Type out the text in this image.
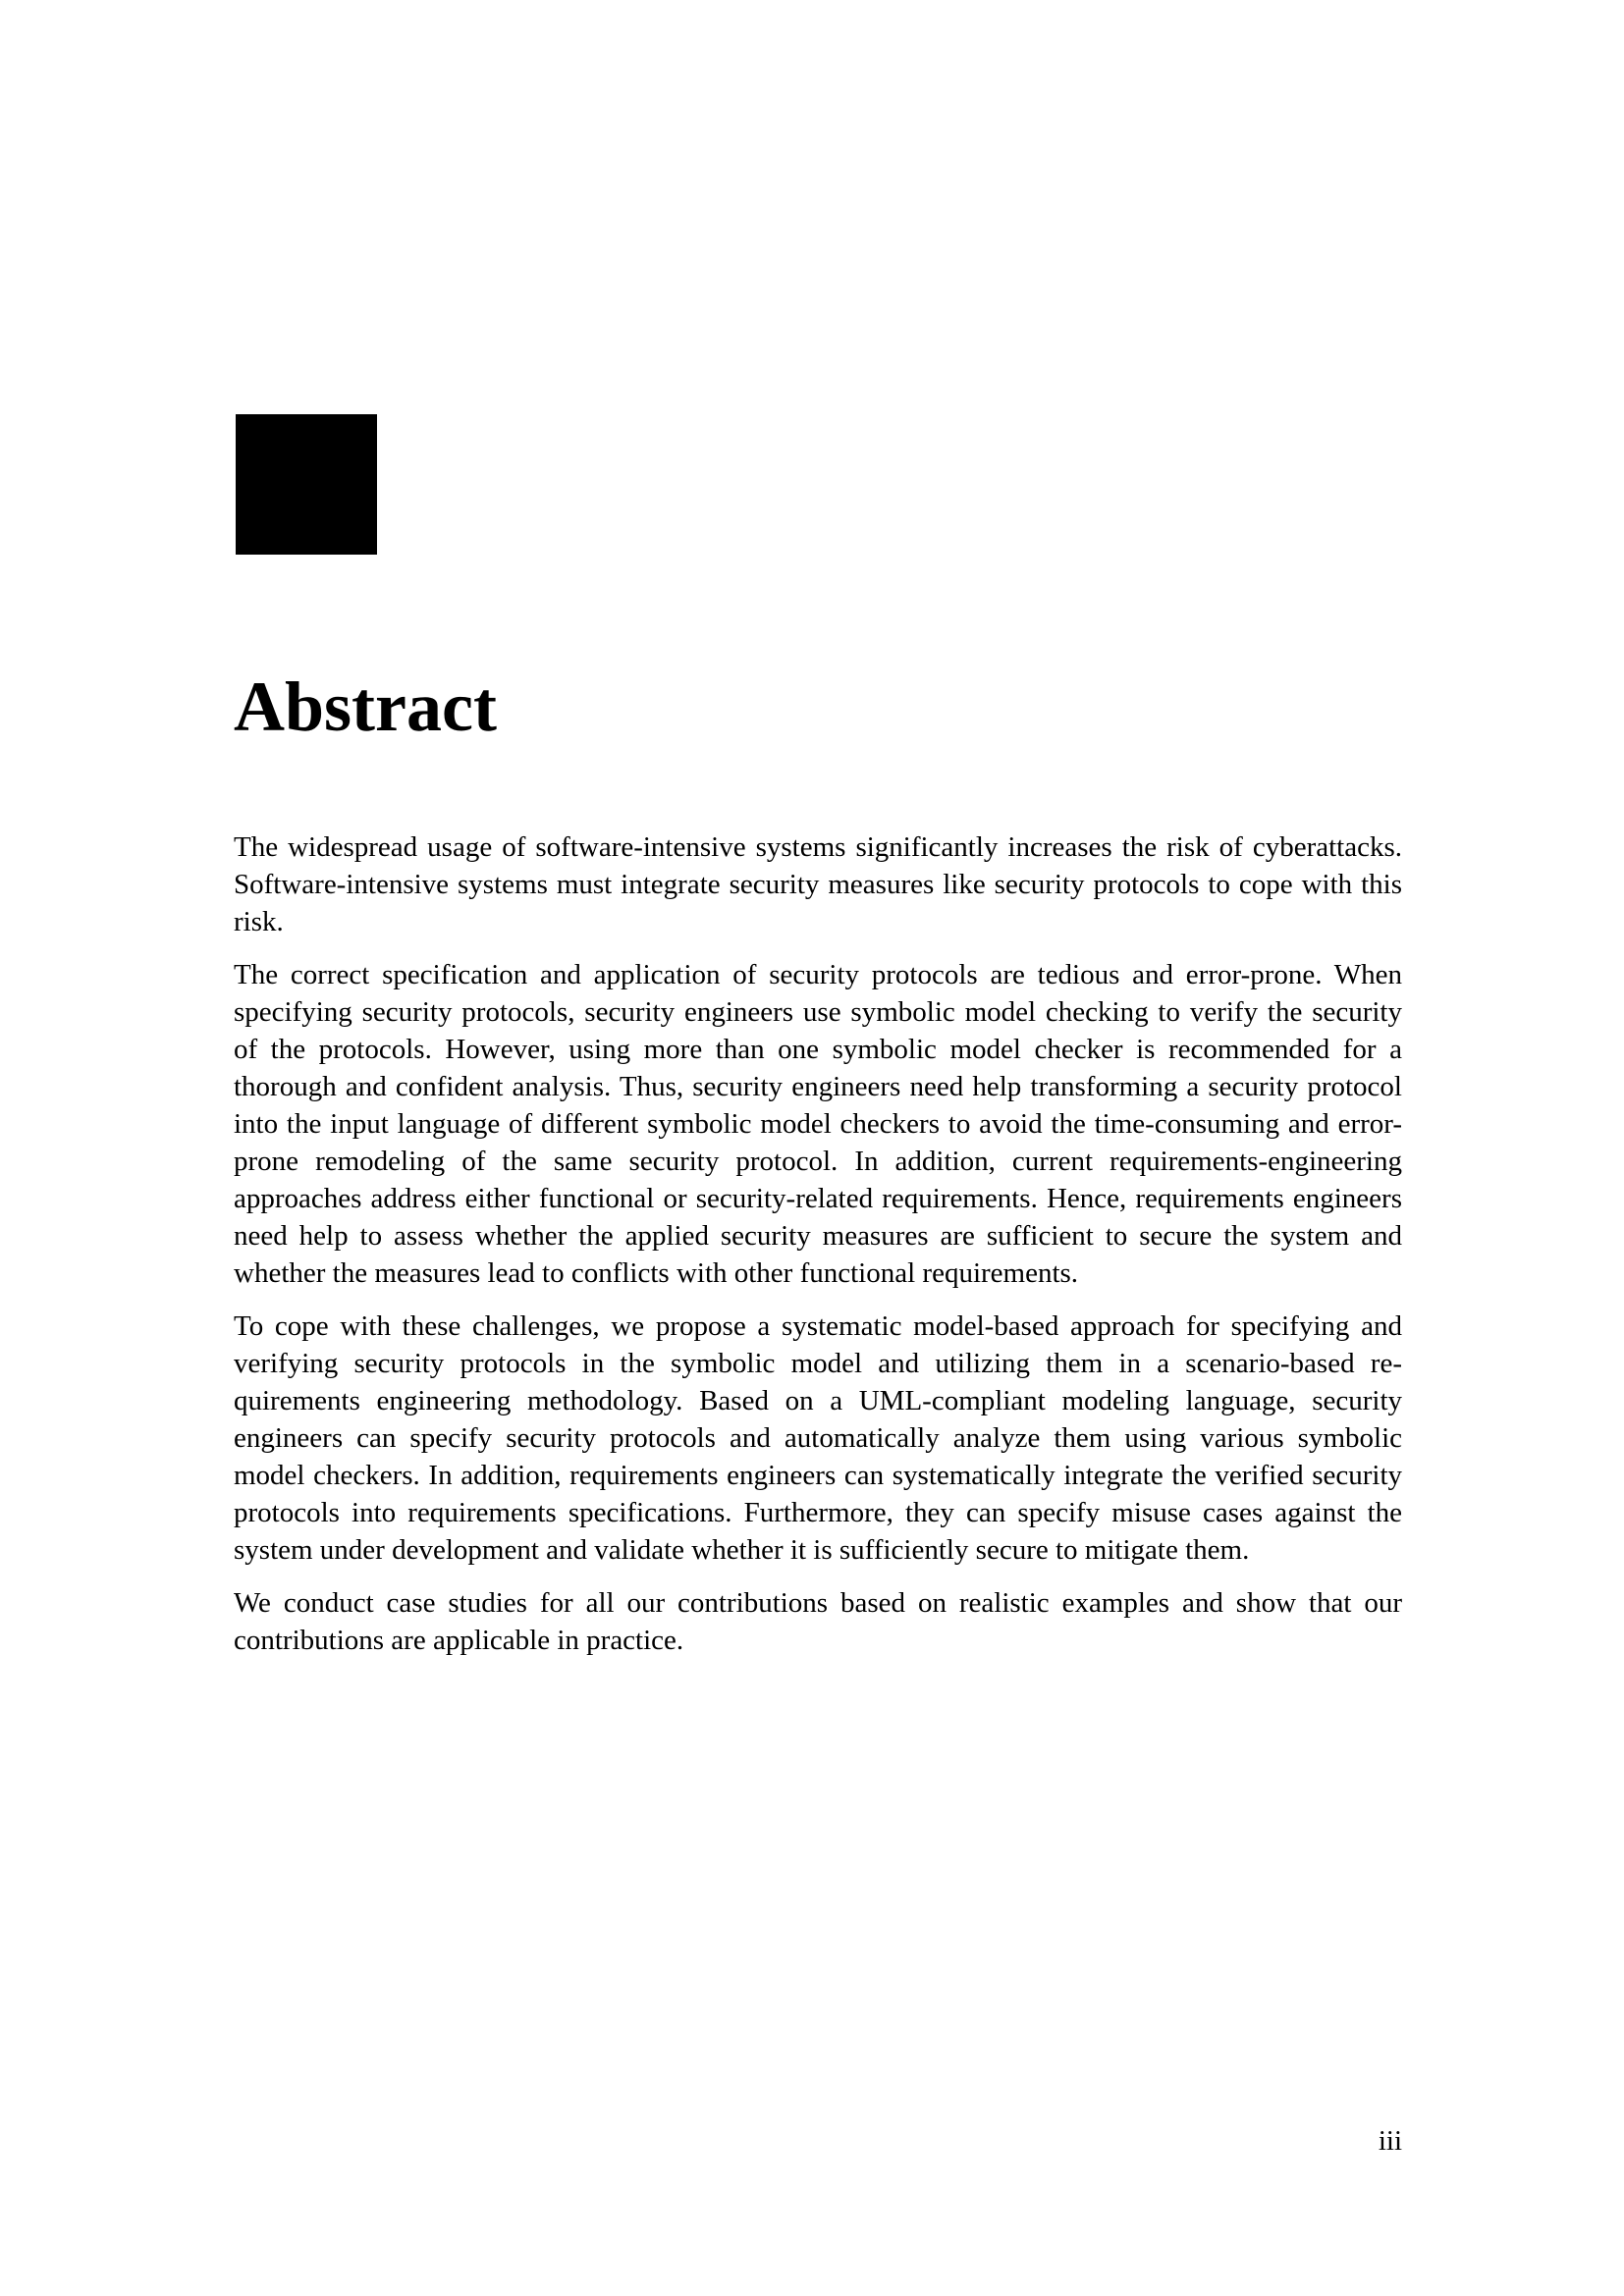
Abstract

The widespread usage of software-intensive systems significantly increases the risk of cyberattacks. Software-intensive systems must integrate security measures like security protocols to cope with this risk.

The correct specification and application of security protocols are tedious and error-prone. When specifying security protocols, security engineers use symbolic model checking to verify the security of the protocols. However, using more than one symbolic model checker is recommended for a thorough and confident analysis. Thus, security engineers need help transforming a security protocol into the input language of different symbolic model checkers to avoid the time-consuming and error-prone remodeling of the same security protocol. In addition, current requirements-engineering approaches address either functional or security-related requirements. Hence, requirements engineers need help to assess whether the applied security measures are sufficient to secure the system and whether the measures lead to conflicts with other functional requirements.

To cope with these challenges, we propose a systematic model-based approach for specifying and verifying security protocols in the symbolic model and utilizing them in a scenario-based requirements engineering methodology. Based on a UML-compliant modeling language, security engineers can specify security protocols and automatically analyze them using various symbolic model checkers. In addition, requirements engineers can systematically integrate the verified security protocols into requirements specifications. Furthermore, they can specify misuse cases against the system under development and validate whether it is sufficiently secure to mitigate them.

We conduct case studies for all our contributions based on realistic examples and show that our contributions are applicable in practice.

iii
